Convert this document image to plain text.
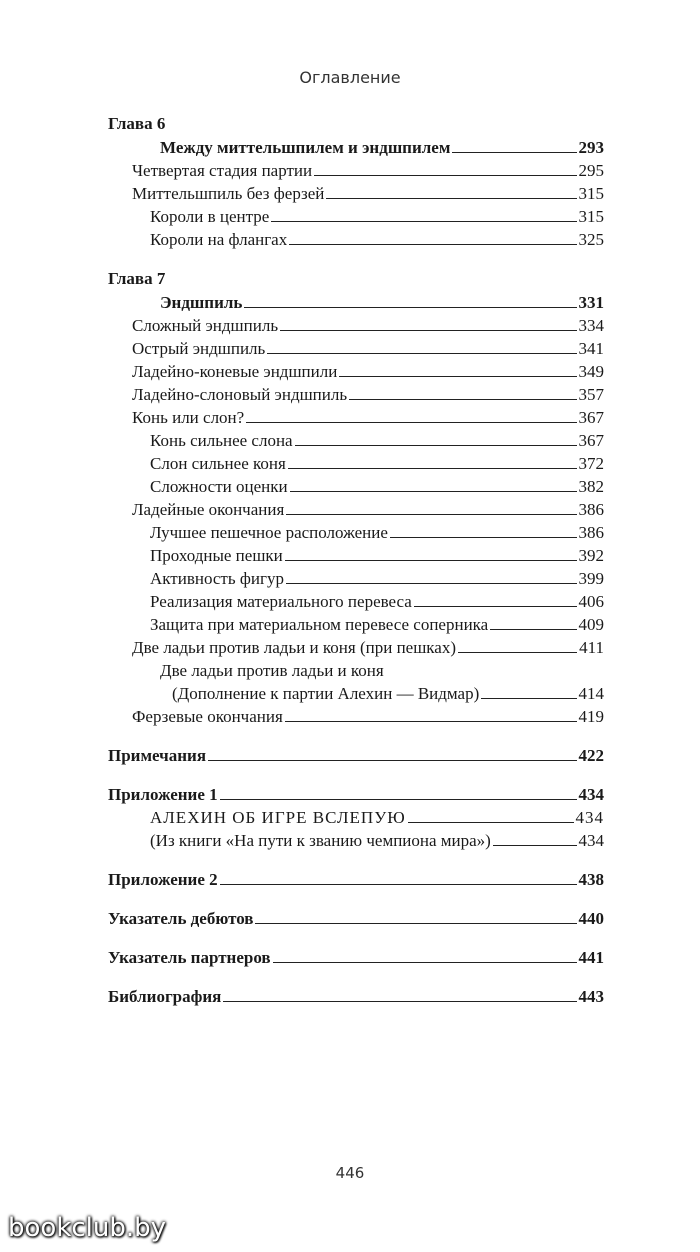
Оглавление
Глава 6
Между миттельшпилем и эндшпилем	293
Четвертая стадия партии	295
Миттельшпиль без ферзей	315
Короли в центре	315
Короли на флангах	325
Глава 7
Эндшпиль	331
Сложный эндшпиль	334
Острый эндшпиль	341
Ладейно-коневые эндшпили	349
Ладейно-слоновый эндшпиль	357
Конь или слон?	367
Конь сильнее слона	367
Слон сильнее коня	372
Сложности оценки	382
Ладейные окончания	386
Лучшее пешечное расположение	386
Проходные пешки	392
Активность фигур	399
Реализация материального перевеса	406
Защита при материальном перевесе соперника	409
Две ладьи против ладьи и коня (при пешках)	411
Две ладьи против ладьи и коня
(Дополнение к партии Алехин — Видмар)	414
Ферзевые окончания	419
Примечания	422
Приложение 1	434
АЛЕХИН ОБ ИГРЕ ВСЛЕПУЮ	434
(Из книги «На пути к званию чемпиона мира»)	434
Приложение 2	438
Указатель дебютов	440
Указатель партнеров	441
Библиография	443
446
bookclub.by
